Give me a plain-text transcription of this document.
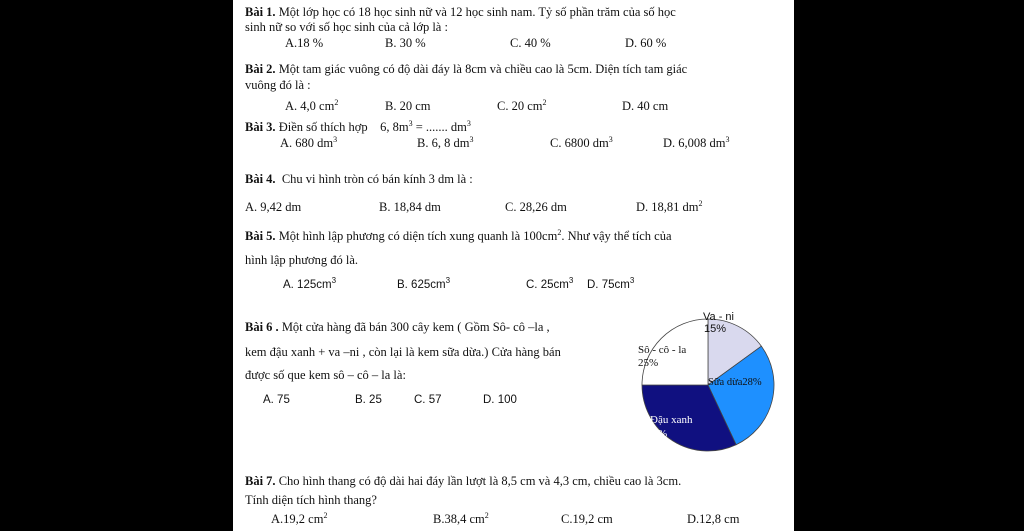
Bài 1. Một lớp học có 18 học sinh nữ và 12 học sinh nam. Tỷ số phần trăm của số học
sinh nữ so với số học sinh của cả lớp là :
A.18 %	B. 30 %	C. 40 %	D. 60 %
Bài 2. Một tam giác vuông có độ dài đáy là 8cm và chiều cao là 5cm. Diện tích tam giác
vuông đó là :
A. 4,0 $cm^2$	B. 20 cm	C. 20 $cm^2$	D. 40 cm
Bài 3. Điền số thích hợp 6, $8m^3$ = ....... $dm^3$
A. 680 $dm^3$	B. 6, 8 $dm^3$	C. 6800 $dm^3$	D. 6,008 $dm^3$
Bài 4. Chu vi hình tròn có bán kính 3 dm là :
A. 9,42 dm	B. 18,84 dm	C. 28,26 dm	D. 18,81 $dm^2$
Bài 5. Một hình lập phương có diện tích xung quanh là $100cm^2$. Như vậy thể tích của
hình lập phương đó là.
A. $125cm^3$	B. $625cm^3$	C. $25cm^3$ D. $75cm^3$
Bài 6 . Một cửa hàng đã bán 300 cây kem ( Gồm Sô- cô –la ,
kem đậu xanh + va –ni , còn lại là kem sữa dừa.) Cửa hàng bán
được số que kem sô – cô – la là:
A. 75	B. 25	C. 57	D. 100
Va - ni
15%
Sô - cô - la
25%
Sữa dừa28%
Đậu xanh
32%
Bài 7. Cho hình thang có độ dài hai đáy lần lượt là 8,5 cm và 4,3 cm, chiều cao là 3cm.
Tính diện tích hình thang?
A.19,2 $cm^2$	B.38,4 $cm^2$	C.19,2 cm	D.12,8 cm
